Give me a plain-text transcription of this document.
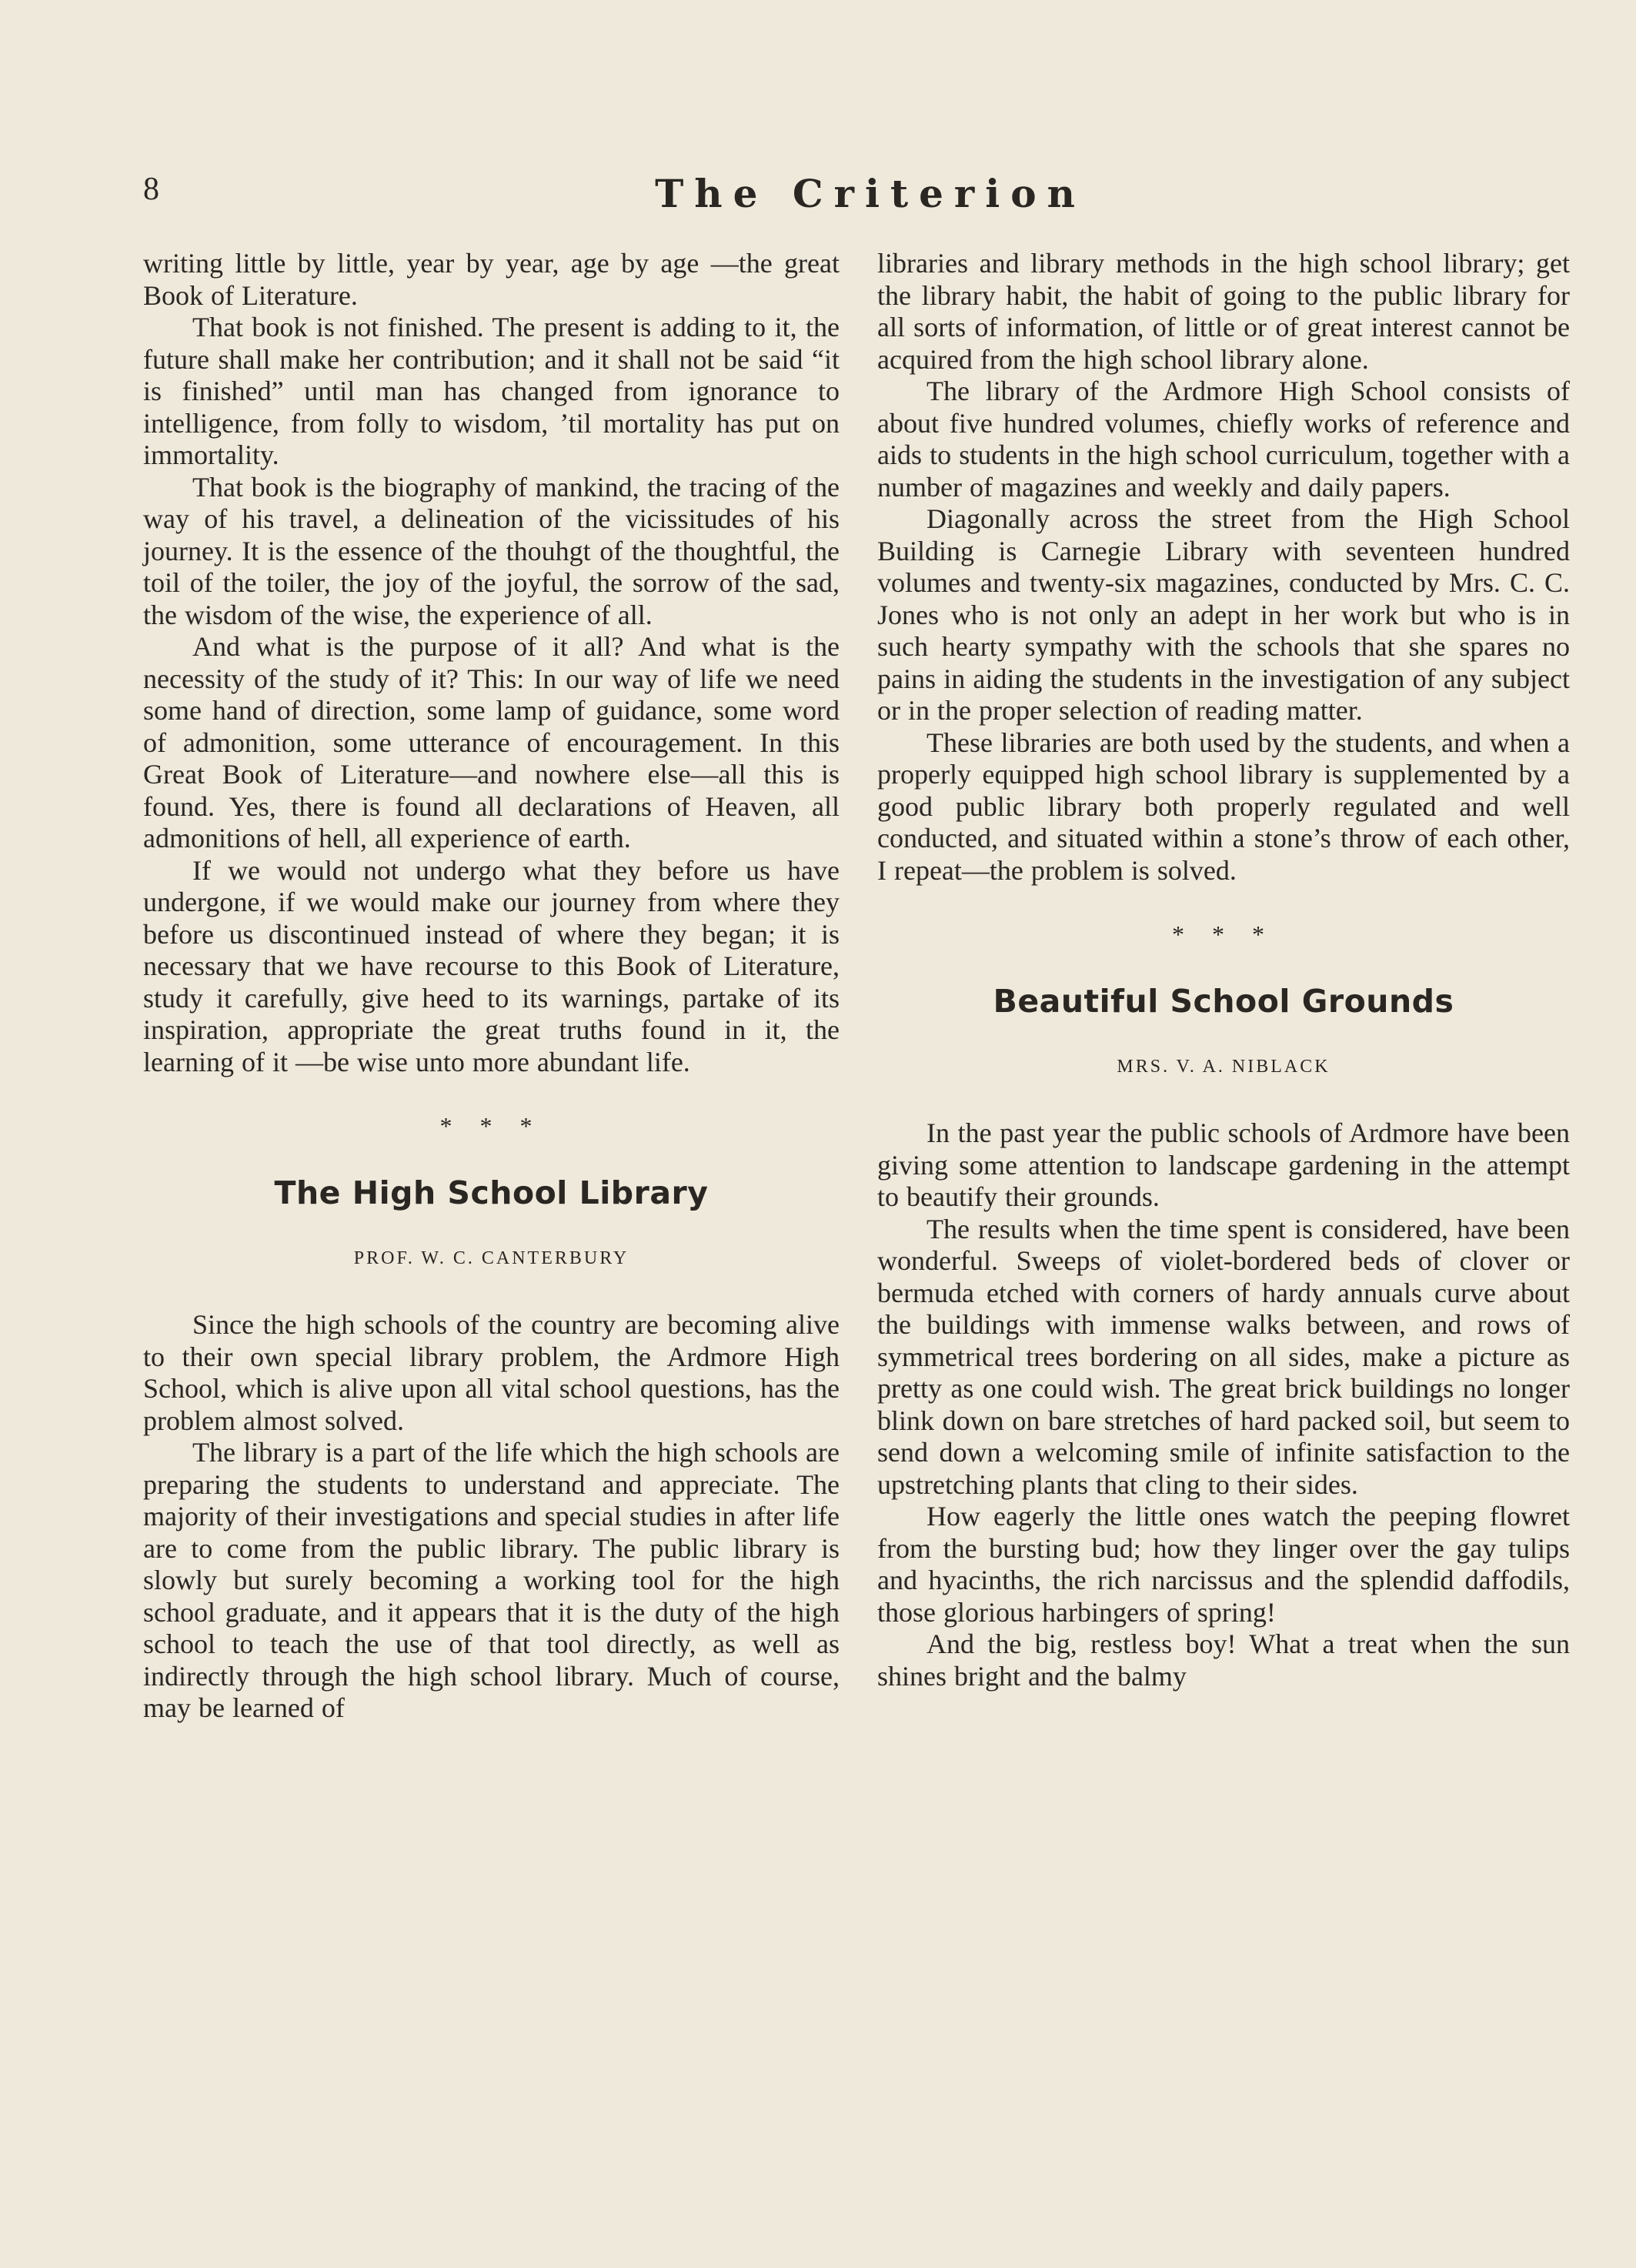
8	The Criterion

writing little by little, year by year, age by age —the great Book of Literature.

That book is not finished. The present is adding to it, the future shall make her contribution; and it shall not be said “it is finished” until man has changed from ignorance to intelligence, from folly to wisdom, ’til mortality has put on immortality.

That book is the biography of mankind, the tracing of the way of his travel, a delineation of the vicissitudes of his journey. It is the essence of the thouhgt of the thoughtful, the toil of the toiler, the joy of the joyful, the sorrow of the sad, the wisdom of the wise, the experience of all.

And what is the purpose of it all? And what is the necessity of the study of it? This: In our way of life we need some hand of direction, some lamp of guidance, some word of admonition, some utterance of encouragement. In this Great Book of Literature—and nowhere else—all this is found. Yes, there is found all declarations of Heaven, all admonitions of hell, all experience of earth.

If we would not undergo what they before us have undergone, if we would make our journey from where they before us discontinued instead of where they began; it is necessary that we have recourse to this Book of Literature, study it carefully, give heed to its warnings, partake of its inspiration, appropriate the great truths found in it, the learning of it —be wise unto more abundant life.

* * *
The High School Library
PROF. W. C. CANTERBURY

Since the high schools of the country are becoming alive to their own special library problem, the Ardmore High School, which is alive upon all vital school questions, has the problem almost solved.

The library is a part of the life which the high schools are preparing the students to understand and appreciate. The majority of their investigations and special studies in after life are to come from the public library. The public library is slowly but surely becoming a working tool for the high school graduate, and it appears that it is the duty of the high school to teach the use of that tool directly, as well as indirectly through the high school library. Much of course, may be learned of

libraries and library methods in the high school library; get the library habit, the habit of going to the public library for all sorts of information, of little or of great interest cannot be acquired from the high school library alone.

The library of the Ardmore High School consists of about five hundred volumes, chiefly works of reference and aids to students in the high school curriculum, together with a number of magazines and weekly and daily papers.

Diagonally across the street from the High School Building is Carnegie Library with seventeen hundred volumes and twenty-six magazines, conducted by Mrs. C. C. Jones who is not only an adept in her work but who is in such hearty sympathy with the schools that she spares no pains in aiding the students in the investigation of any subject or in the proper selection of reading matter.

These libraries are both used by the students, and when a properly equipped high school library is supplemented by a good public library both properly regulated and well conducted, and situated within a stone’s throw of each other, I repeat—the problem is solved.

* * *
Beautiful School Grounds
MRS. V. A. NIBLACK

In the past year the public schools of Ardmore have been giving some attention to landscape gardening in the attempt to beautify their grounds.

The results when the time spent is considered, have been wonderful. Sweeps of violet-bordered beds of clover or bermuda etched with corners of hardy annuals curve about the buildings with immense walks between, and rows of symmetrical trees bordering on all sides, make a picture as pretty as one could wish. The great brick buildings no longer blink down on bare stretches of hard packed soil, but seem to send down a welcoming smile of infinite satisfaction to the upstretching plants that cling to their sides.

How eagerly the little ones watch the peeping flowret from the bursting bud; how they linger over the gay tulips and hyacinths, the rich narcissus and the splendid daffodils, those glorious harbingers of spring!

And the big, restless boy! What a treat when the sun shines bright and the balmy
